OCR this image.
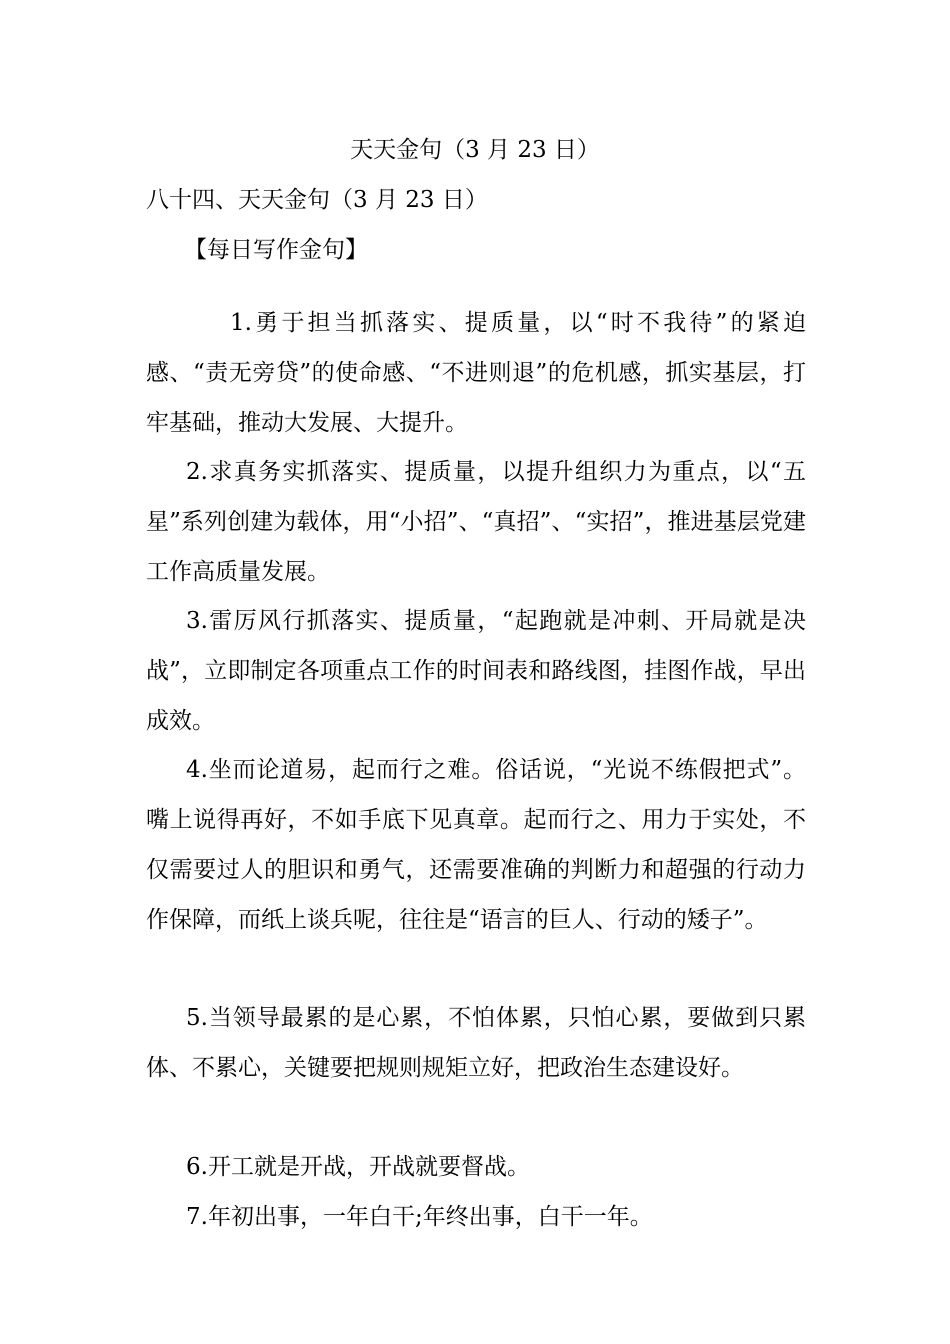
天天金句（3 月 23 日）
八十四、天天金句（3 月 23 日）
【每日写作金句】

1.勇于担当抓落实、提质量，以“时不我待”的紧迫感、“责无旁贷”的使命感、“不进则退”的危机感，抓实基层，打牢基础，推动大发展、大提升。

2.求真务实抓落实、提质量，以提升组织力为重点，以“五星”系列创建为载体，用“小招”、“真招”、“实招”，推进基层党建工作高质量发展。

3.雷厉风行抓落实、提质量，“起跑就是冲刺、开局就是决战”，立即制定各项重点工作的时间表和路线图，挂图作战，早出成效。

4.坐而论道易，起而行之难。俗话说，“光说不练假把式”。嘴上说得再好，不如手底下见真章。起而行之、用力于实处，不仅需要过人的胆识和勇气，还需要准确的判断力和超强的行动力作保障，而纸上谈兵呢，往往是“语言的巨人、行动的矮子”。

5.当领导最累的是心累，不怕体累，只怕心累，要做到只累体、不累心，关键要把规则规矩立好，把政治生态建设好。

6.开工就是开战，开战就要督战。

7.年初出事，一年白干;年终出事，白干一年。
